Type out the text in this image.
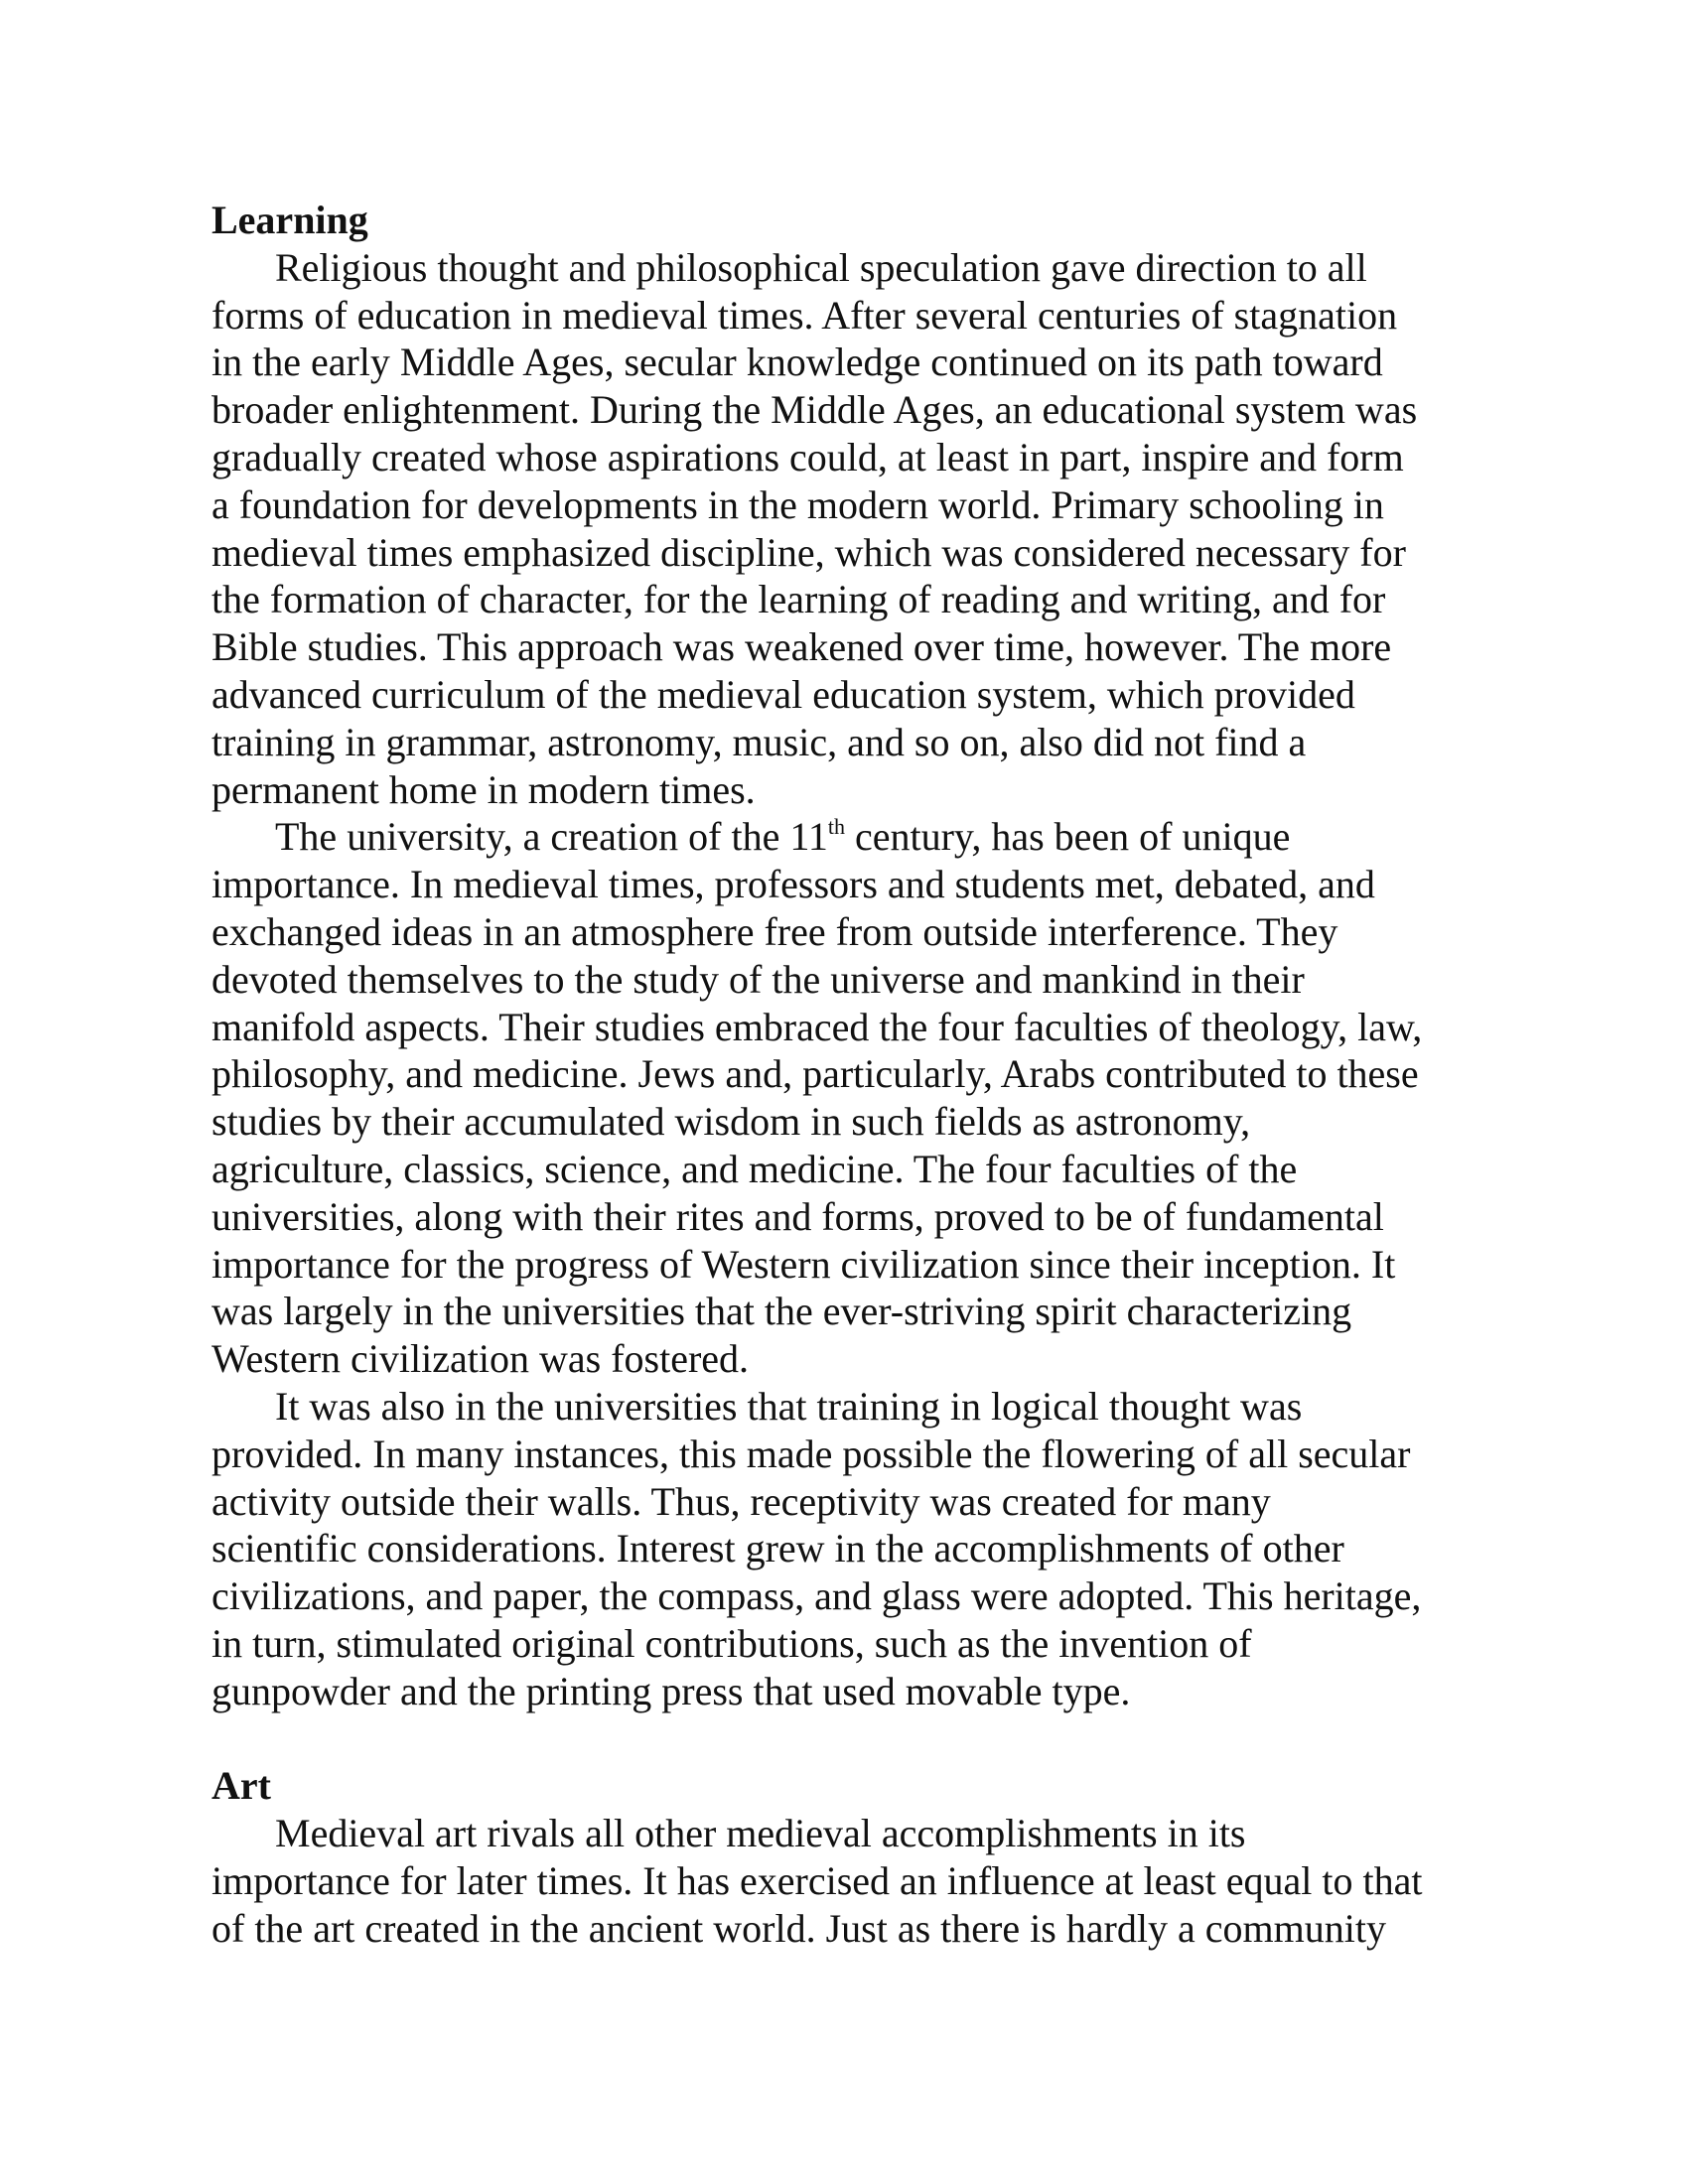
Learning

Religious thought and philosophical speculation gave direction to all
forms of education in medieval times. After several centuries of stagnation
in the early Middle Ages, secular knowledge continued on its path toward
broader enlightenment. During the Middle Ages, an educational system was
gradually created whose aspirations could, at least in part, inspire and form
a foundation for developments in the modern world. Primary schooling in
medieval times emphasized discipline, which was considered necessary for
the formation of character, for the learning of reading and writing, and for
Bible studies. This approach was weakened over time, however. The more
advanced curriculum of the medieval education system, which provided
training in grammar, astronomy, music, and so on, also did not find a
permanent home in modern times.

The university, a creation of the 11th century, has been of unique
importance. In medieval times, professors and students met, debated, and
exchanged ideas in an atmosphere free from outside interference. They
devoted themselves to the study of the universe and mankind in their
manifold aspects. Their studies embraced the four faculties of theology, law,
philosophy, and medicine. Jews and, particularly, Arabs contributed to these
studies by their accumulated wisdom in such fields as astronomy,
agriculture, classics, science, and medicine. The four faculties of the
universities, along with their rites and forms, proved to be of fundamental
importance for the progress of Western civilization since their inception. It
was largely in the universities that the ever-striving spirit characterizing
Western civilization was fostered.

It was also in the universities that training in logical thought was
provided. In many instances, this made possible the flowering of all secular
activity outside their walls. Thus, receptivity was created for many
scientific considerations. Interest grew in the accomplishments of other
civilizations, and paper, the compass, and glass were adopted. This heritage,
in turn, stimulated original contributions, such as the invention of
gunpowder and the printing press that used movable type.

Art

Medieval art rivals all other medieval accomplishments in its
importance for later times. It has exercised an influence at least equal to that
of the art created in the ancient world. Just as there is hardly a community
